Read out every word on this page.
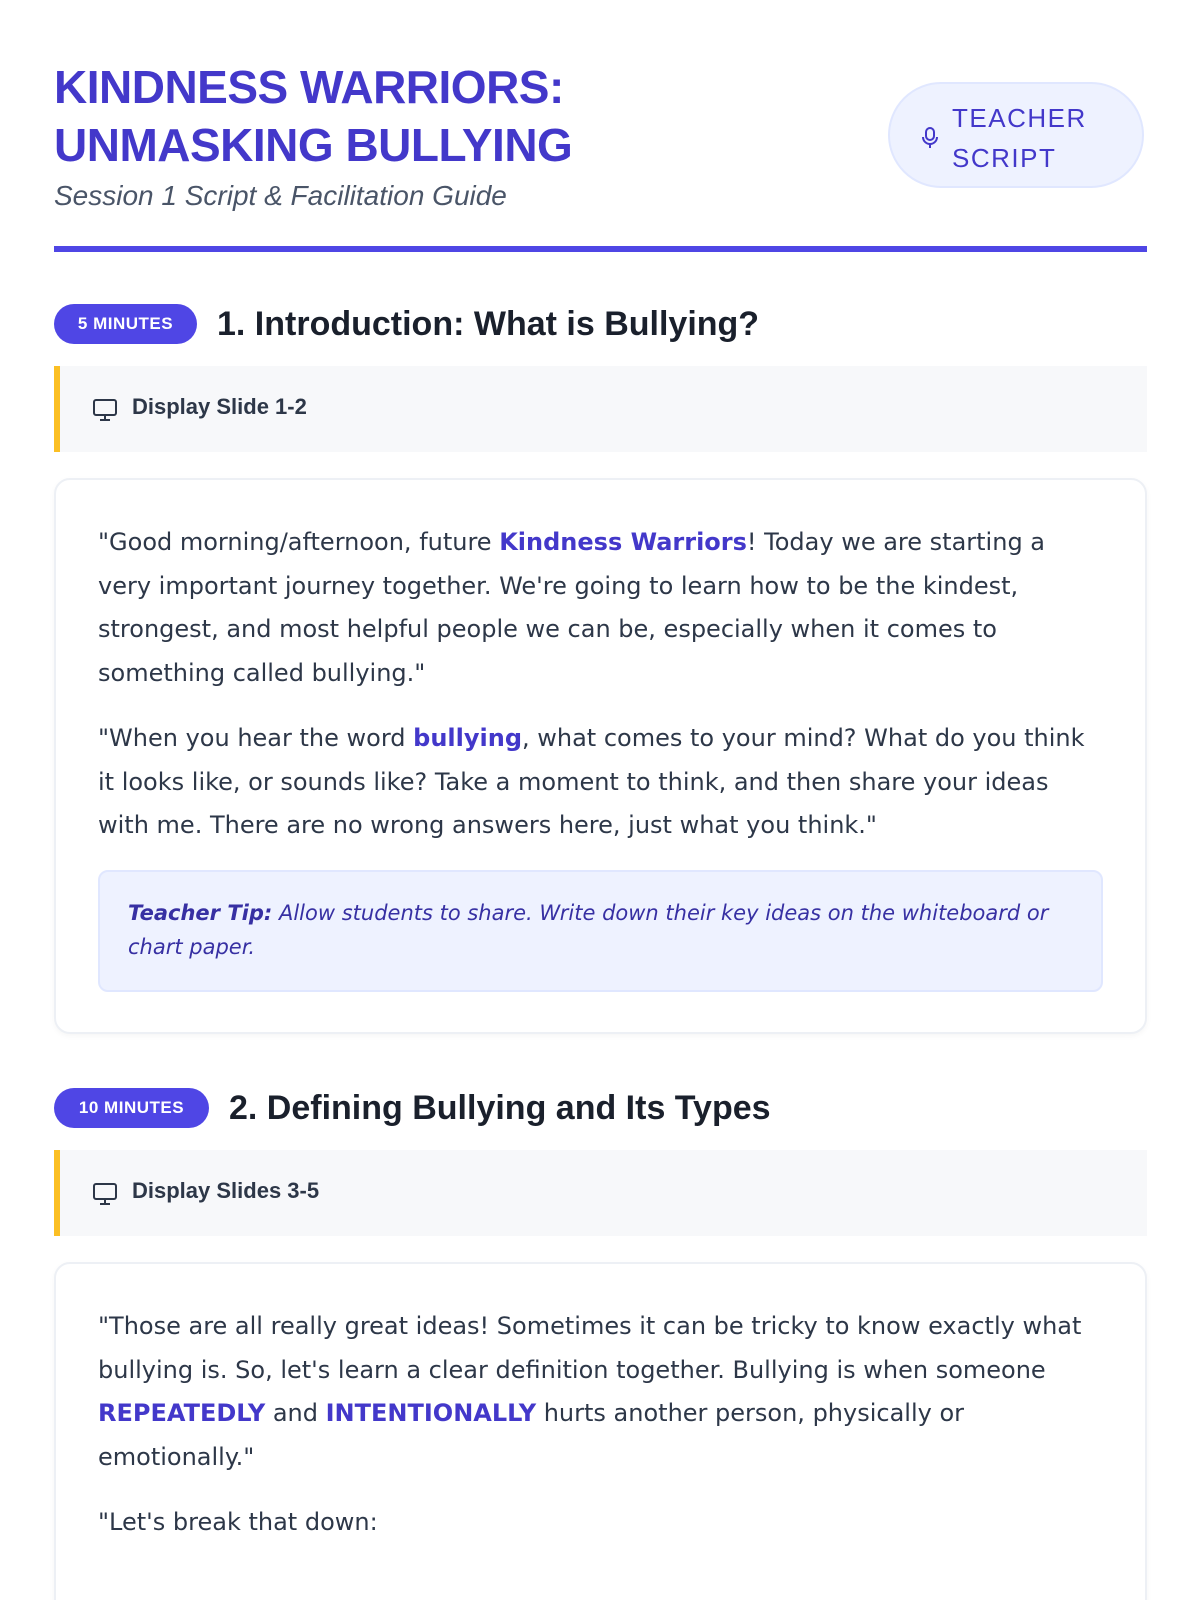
KINDNESS WARRIORS:
UNMASKING BULLYING

Session 1 Script & Facilitation Guide

TEACHER
SCRIPT
5 MINUTES	1. Introduction: What is Bullying?
Display Slide 1-2

"Good morning/afternoon, future Kindness Warriors! Today we are starting a very important journey together. We're going to learn how to be the kindest, strongest, and most helpful people we can be, especially when it comes to something called bullying."

"When you hear the word bullying, what comes to your mind? What do you think it looks like, or sounds like? Take a moment to think, and then share your ideas with me. There are no wrong answers here, just what you think."

Teacher Tip: Allow students to share. Write down their key ideas on the whiteboard or chart paper.

10 MINUTES	2. Defining Bullying and Its Types
Display Slides 3-5

"Those are all really great ideas! Sometimes it can be tricky to know exactly what bullying is. So, let's learn a clear definition together. Bullying is when someone REPEATEDLY and INTENTIONALLY hurts another person, physically or emotionally."

"Let's break that down:
